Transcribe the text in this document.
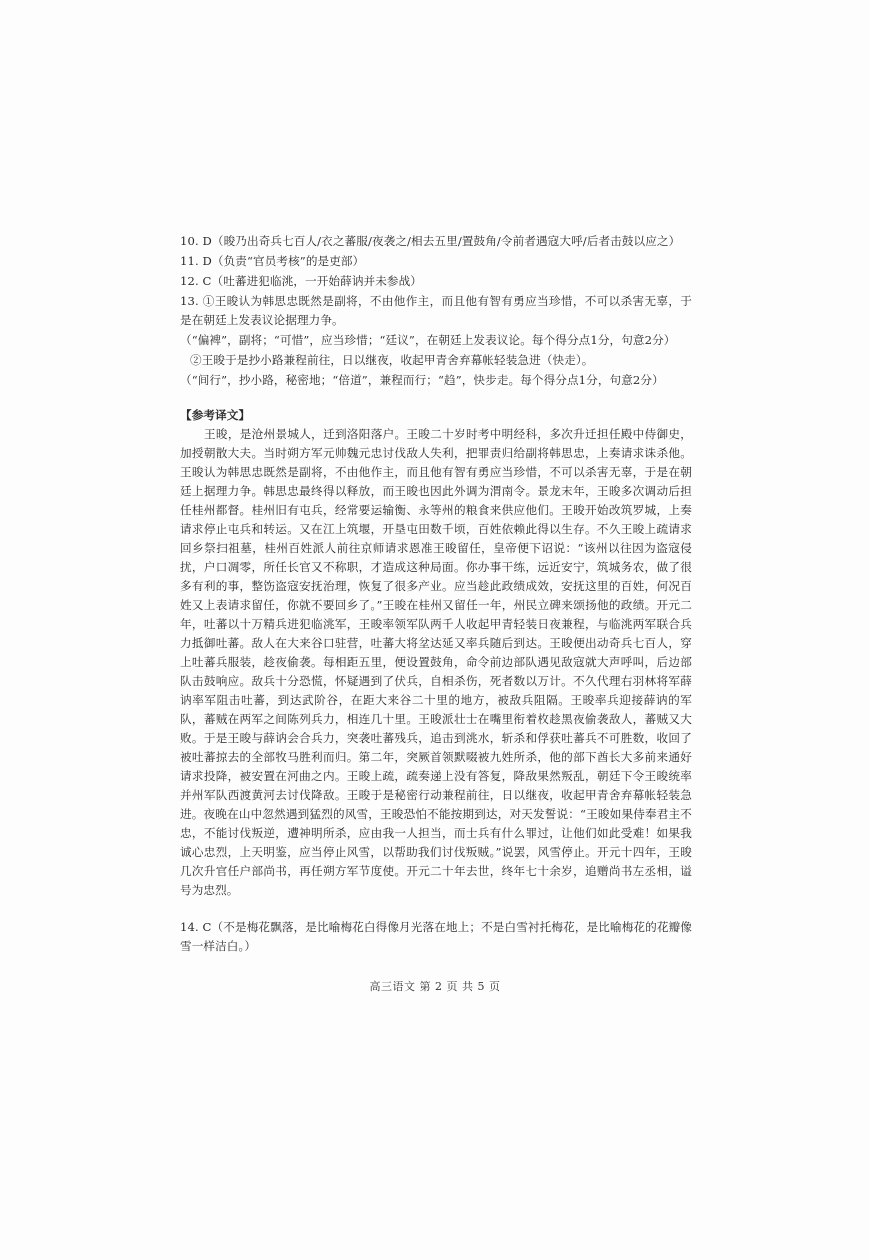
10. D（晙乃出奇兵七百人/衣之蕃服/夜袭之/相去五里/置鼓角/令前者遇寇大呼/后者击鼓以应之）

11. D（负责“官员考核”的是吏部）

12. C（吐蕃进犯临洮，一开始薛讷并未参战）

13. ①王晙认为韩思忠既然是副将，不由他作主，而且他有智有勇应当珍惜，不可以杀害无辜，于是在朝廷上发表议论据理力争。

（“偏裨”，副将；“可惜”，应当珍惜；“廷议”，在朝廷上发表议论。每个得分点1分，句意2分）

②王晙于是抄小路兼程前往，日以继夜，收起甲青舍弃幕帐轻装急进（快走）。

（“间行”，抄小路，秘密地；“倍道”，兼程而行；“趋”，快步走。每个得分点1分，句意2分）

【参考译文】

王晙，是沧州景城人，迁到洛阳落户。王晙二十岁时考中明经科，多次升迁担任殿中侍御史，加授朝散大夫。当时朔方军元帅魏元忠讨伐敌人失利，把罪责归给副将韩思忠，上奏请求诛杀他。王晙认为韩思忠既然是副将，不由他作主，而且他有智有勇应当珍惜，不可以杀害无辜，于是在朝廷上据理力争。韩思忠最终得以释放，而王晙也因此外调为渭南令。景龙末年，王晙多次调动后担任桂州都督。桂州旧有屯兵，经常要运输衡、永等州的粮食来供应他们。王晙开始改筑罗城，上奏请求停止屯兵和转运。又在江上筑堰，开垦屯田数千顷，百姓依赖此得以生存。不久王晙上疏请求回乡祭扫祖墓，桂州百姓派人前往京师请求恩准王晙留任，皇帝便下诏说：“该州以往因为盗寇侵扰，户口凋零，所任长官又不称职，才造成这种局面。你办事干练，远近安宁，筑城务农，做了很多有利的事，整饬盗寇安抚治理，恢复了很多产业。应当趁此政绩成效，安抚这里的百姓，何况百姓又上表请求留任，你就不要回乡了。”王晙在桂州又留任一年，州民立碑来颂扬他的政绩。开元二年，吐蕃以十万精兵进犯临洮军，王晙率领军队两千人收起甲青轻装日夜兼程，与临洮两军联合兵力抵御吐蕃。敌人在大来谷口驻营，吐蕃大将坌达延又率兵随后到达。王晙便出动奇兵七百人，穿上吐蕃兵服装，趁夜偷袭。每相距五里，便设置鼓角，命令前边部队遇见敌寇就大声呼叫，后边部队击鼓响应。敌兵十分恐慌，怀疑遇到了伏兵，自相杀伤，死者数以万计。不久代理右羽林将军薛讷率军阻击吐蕃，到达武阶谷，在距大来谷二十里的地方，被敌兵阻隔。王晙率兵迎接薛讷的军队，蕃贼在两军之间陈列兵力，相连几十里。王晙派壮士在嘴里衔着枚趁黑夜偷袭敌人，蕃贼又大败。于是王晙与薛讷会合兵力，突袭吐蕃残兵，追击到洮水，斩杀和俘获吐蕃兵不可胜数，收回了被吐蕃掠去的全部牧马胜利而归。第二年，突厥首领默啜被九姓所杀，他的部下酋长大多前来通好请求投降，被安置在河曲之内。王晙上疏，疏奏递上没有答复，降敌果然叛乱，朝廷下令王晙统率并州军队西渡黄河去讨伐降敌。王晙于是秘密行动兼程前往，日以继夜，收起甲青舍弃幕帐轻装急进。夜晚在山中忽然遇到猛烈的风雪，王晙恐怕不能按期到达，对天发誓说：“王晙如果侍奉君主不忠，不能讨伐叛逆，遭神明所杀，应由我一人担当，而士兵有什么罪过，让他们如此受难！如果我诚心忠烈，上天明鉴，应当停止风雪，以帮助我们讨伐叛贼。”说罢，风雪停止。开元十四年，王晙几次升官任户部尚书，再任朔方军节度使。开元二十年去世，终年七十余岁，追赠尚书左丞相，谥号为忠烈。

14. C（不是梅花飘落，是比喻梅花白得像月光落在地上；不是白雪衬托梅花，是比喻梅花的花瓣像雪一样洁白。）

高三语文 第 2 页 共 5 页
